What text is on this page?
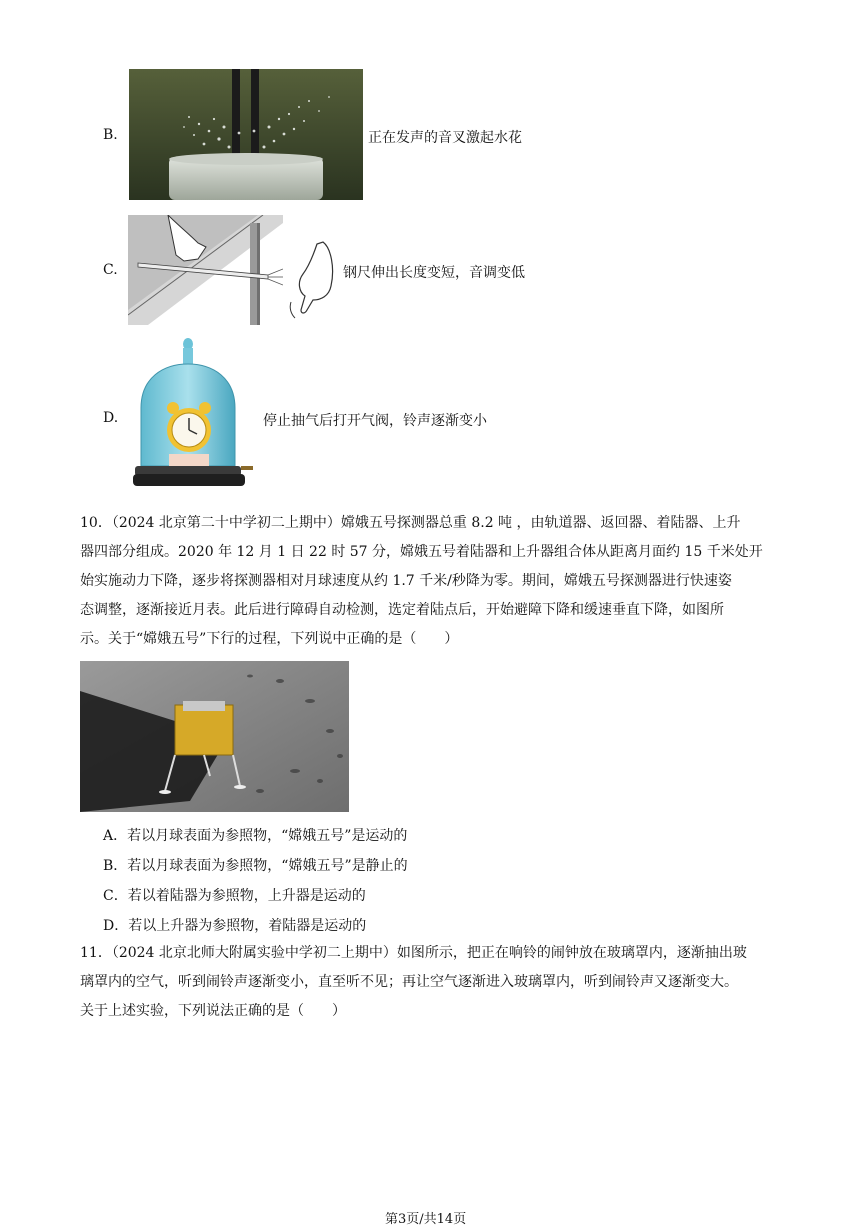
B.	正在发声的音叉激起水花
C.	钢尺伸出长度变短，音调变低
D.	停止抽气后打开气阀，铃声逐渐变小
10．（2024 北京第二十中学初二上期中）嫦娥五号探测器总重 8.2 吨 ，由轨道器、返回器、着陆器、上升
器四部分组成。2020 年 12 月 1 日 22 时 57 分，嫦娥五号着陆器和上升器组合体从距离月面约 15 千米处开
始实施动力下降，逐步将探测器相对月球速度从约 1.7 千米/秒降为零。期间，嫦娥五号探测器进行快速姿
态调整，逐渐接近月表。此后进行障碍自动检测，选定着陆点后，开始避障下降和缓速垂直下降，如图所
示。关于“嫦娥五号”下行的过程，下列说中正确的是（　　）
A．若以月球表面为参照物，“嫦娥五号”是运动的
B．若以月球表面为参照物，“嫦娥五号”是静止的
C．若以着陆器为参照物，上升器是运动的
D．若以上升器为参照物，着陆器是运动的
11．（2024 北京北师大附属实验中学初二上期中）如图所示，把正在响铃的闹钟放在玻璃罩内，逐渐抽出玻
璃罩内的空气，听到闹铃声逐渐变小，直至听不见；再让空气逐渐进入玻璃罩内，听到闹铃声又逐渐变大。
关于上述实验，下列说法正确的是（　　）
第3页/共14页
